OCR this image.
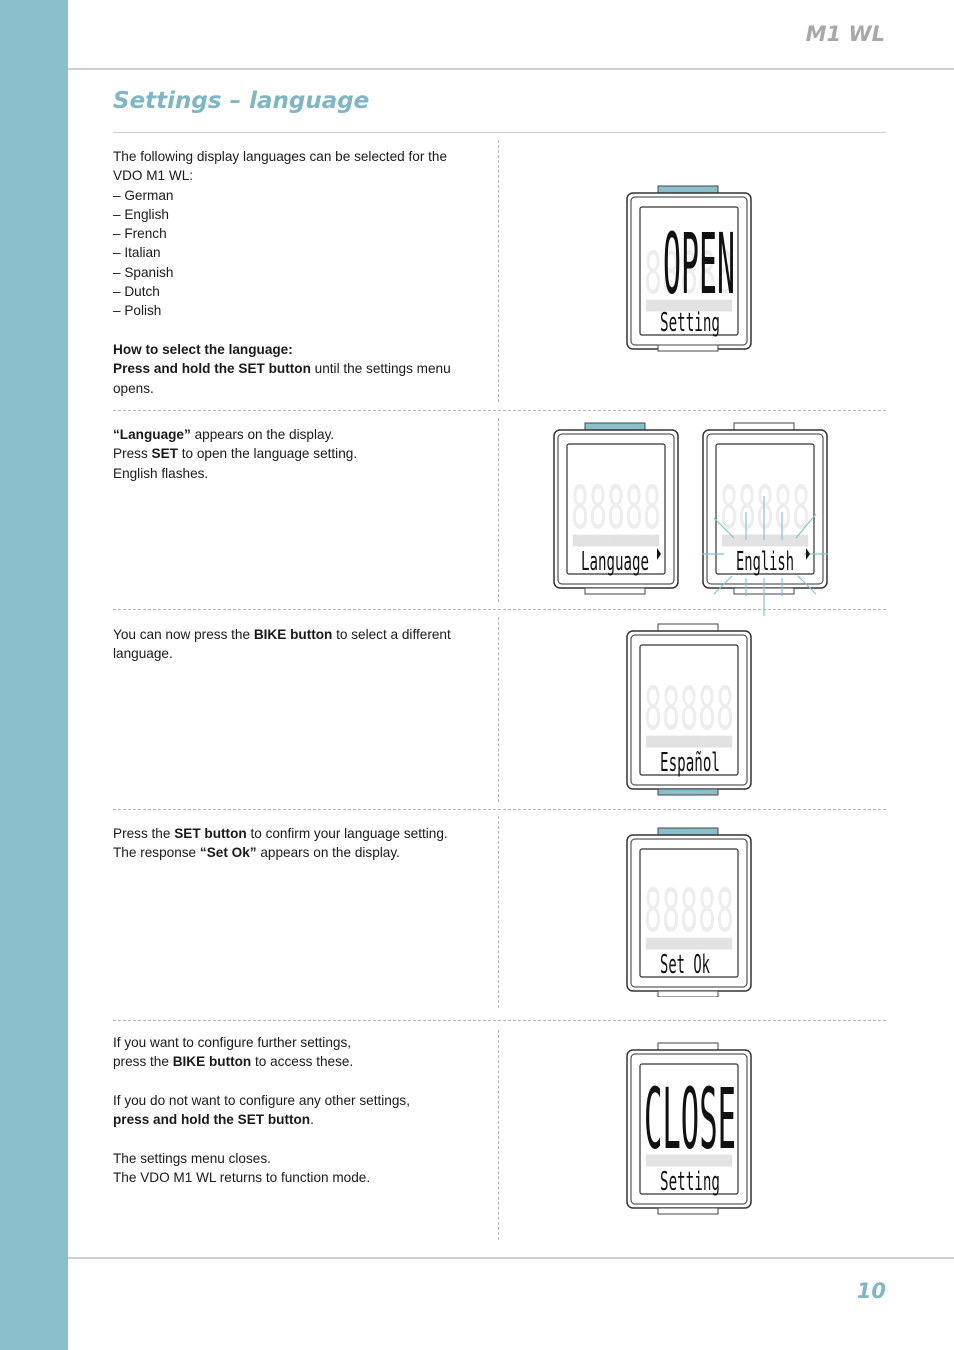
M1 WL
Settings – language

The following display languages can be selected for the

VDO M1 WL:

– German

– English

– French

– Italian

– Spanish

– Dutch

– Polish

How to select the language:

Press and hold the SET button until the settings menu

opens.

“Language” appears on the display.

Press SET to open the language setting.

English flashes.

You can now press the BIKE button to select a different

language.

Press the SET button to confirm your language setting.

The response “Set Ok” appears on the display.

If you want to configure further settings,

press the BIKE button to access these.

If you do not want to configure any other settings,

press and hold the SET button.

The settings menu closes.

The VDO M1 WL returns to function mode.

88888
OPEN
████████████
Setting
88888
████████████
Language
88888
████████████
English
88888
████████████
Español
88888
████████████
Set Ok
CLOSE
████████████
Setting
10
